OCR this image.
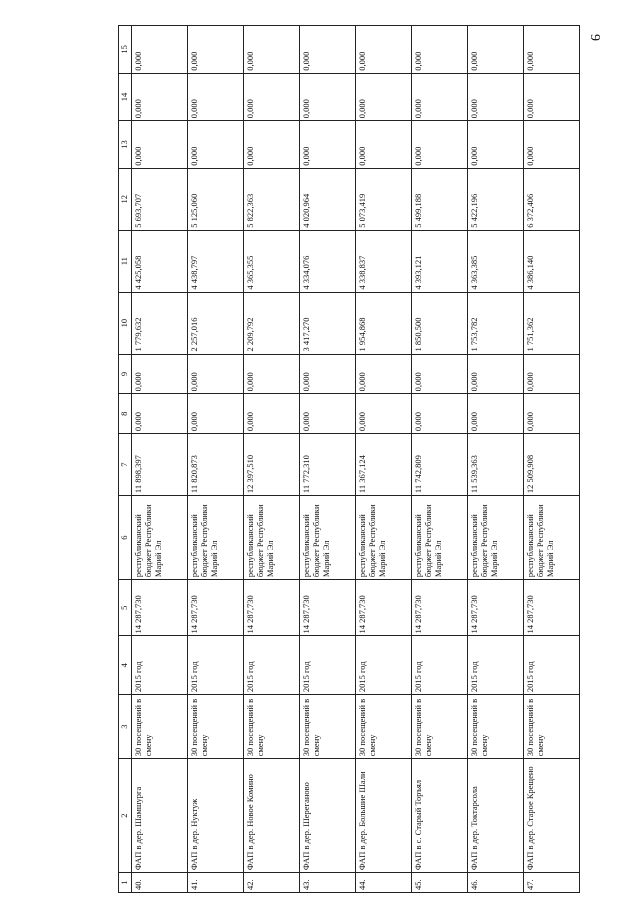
9
1	2	3	4	5	6	7	8	9	10	11	12	13	14	15
40.	ФАП в дер. Шамшурга	30 посещений в смену	2015 год	14 287,730	республиканский бюджет Республики Марий Эл	11 898,397	0,000	0,000	1 779,632	4 425,058	5 693,707	0,000	0,000	0,000
41.	ФАП в дер. Нуктуж	30 посещений в смену	2015 год	14 287,730	республиканский бюджет Республики Марий Эл	11 820,873	0,000	0,000	2 257,016	4 438,797	5 125,060	0,000	0,000	0,000
42.	ФАП в дер. Новое Комино	30 посещений в смену	2015 год	14 287,730	республиканский бюджет Республики Марий Эл	12 397,510	0,000	0,000	2 209,792	4 365,355	5 822,363	0,000	0,000	0,000
43.	ФАП в дер. Шереганово	30 посещений в смену	2015 год	14 287,730	республиканский бюджет Республики Марий Эл	11 772,310	0,000	0,000	3 417,270	4 334,076	4 020,964	0,000	0,000	0,000
44.	ФАП в дер. Большие Шали	30 посещений в смену	2015 год	14 287,730	республиканский бюджет Республики Марий Эл	11 367,124	0,000	0,000	1 954,868	4 338,837	5 073,419	0,000	0,000	0,000
45.	ФАП в с. Старый Торъял	30 посещений в смену	2015 год	14 287,730	республиканский бюджет Республики Марий Эл	11 742,809	0,000	0,000	1 850,500	4 393,121	5 499,188	0,000	0,000	0,000
46.	ФАП в дер. Токтарсола	30 посещений в смену	2015 год	14 287,730	республиканский бюджет Республики Марий Эл	11 539,363	0,000	0,000	1 753,782	4 363,385	5 422,196	0,000	0,000	0,000
47.	ФАП в дер. Старое Крещено	30 посещений в смену	2015 год	14 287,730	республиканский бюджет Республики Марий Эл	12 509,908	0,000	0,000	1 751,362	4 386,140	6 372,406	0,000	0,000	0,000
